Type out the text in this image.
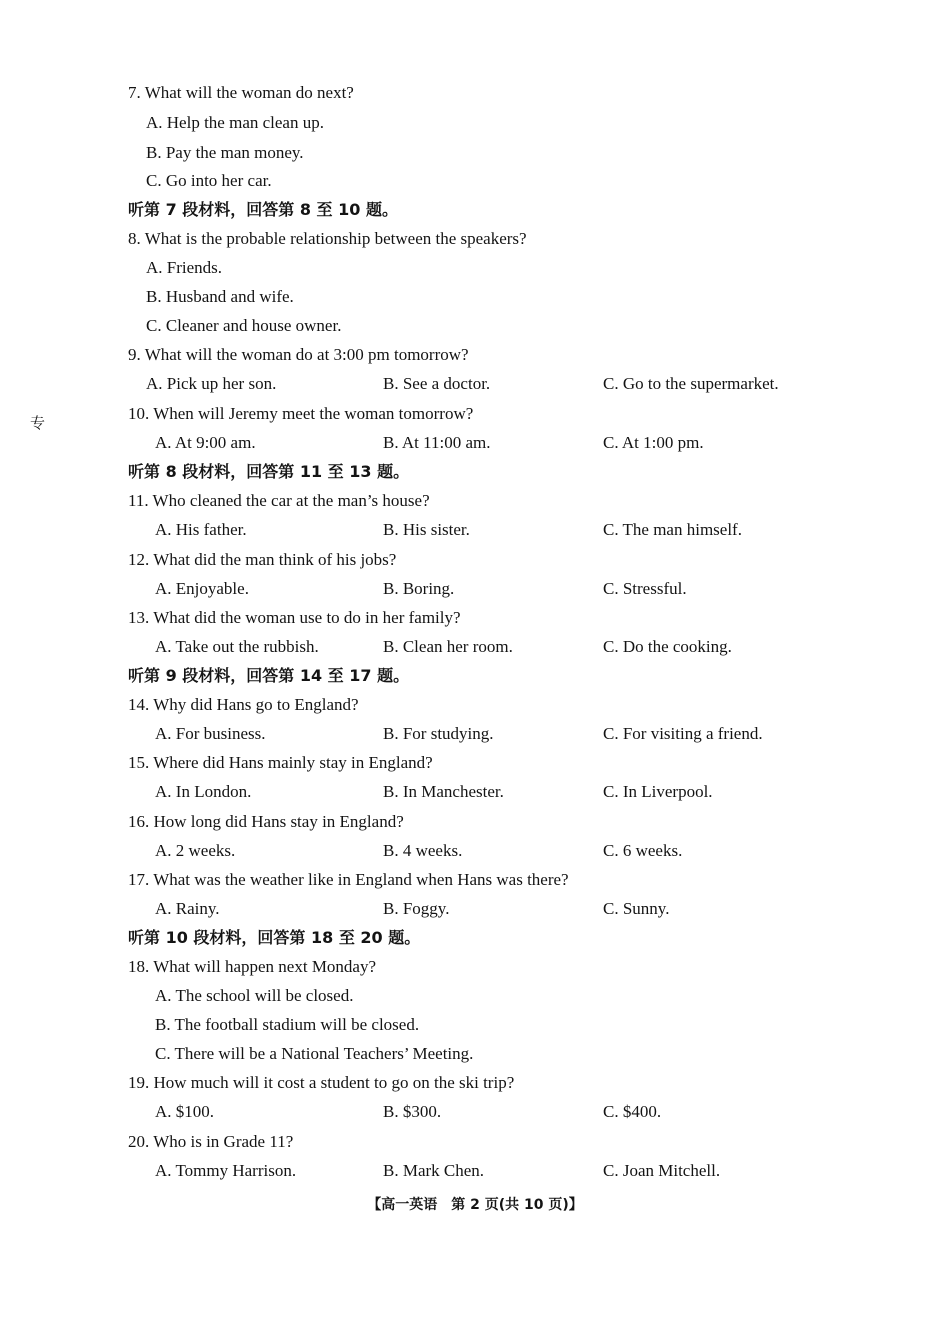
专
7. What will the woman do next?
A. Help the man clean up.
B. Pay the man money.
C. Go into her car.
听第 7 段材料，回答第 8 至 10 题。
8. What is the probable relationship between the speakers?
A. Friends.
B. Husband and wife.
C. Cleaner and house owner.
9. What will the woman do at 3:00 pm tomorrow?
A. Pick up her son.	B. See a doctor.	C. Go to the supermarket.
10. When will Jeremy meet the woman tomorrow?
A. At 9:00 am.	B. At 11:00 am.	C. At 1:00 pm.
听第 8 段材料，回答第 11 至 13 题。
11. Who cleaned the car at the man’s house?
A. His father.	B. His sister.	C. The man himself.
12. What did the man think of his jobs?
A. Enjoyable.	B. Boring.	C. Stressful.
13. What did the woman use to do in her family?
A. Take out the rubbish.	B. Clean her room.	C. Do the cooking.
听第 9 段材料，回答第 14 至 17 题。
14. Why did Hans go to England?
A. For business.	B. For studying.	C. For visiting a friend.
15. Where did Hans mainly stay in England?
A. In London.	B. In Manchester.	C. In Liverpool.
16. How long did Hans stay in England?
A. 2 weeks.	B. 4 weeks.	C. 6 weeks.
17. What was the weather like in England when Hans was there?
A. Rainy.	B. Foggy.	C. Sunny.
听第 10 段材料，回答第 18 至 20 题。
18. What will happen next Monday?
A. The school will be closed.
B. The football stadium will be closed.
C. There will be a National Teachers’ Meeting.
19. How much will it cost a student to go on the ski trip?
A. $100.	B. $300.	C. $400.
20. Who is in Grade 11?
A. Tommy Harrison.	B. Mark Chen.	C. Joan Mitchell.
【高一英语　第 2 页(共 10 页)】
